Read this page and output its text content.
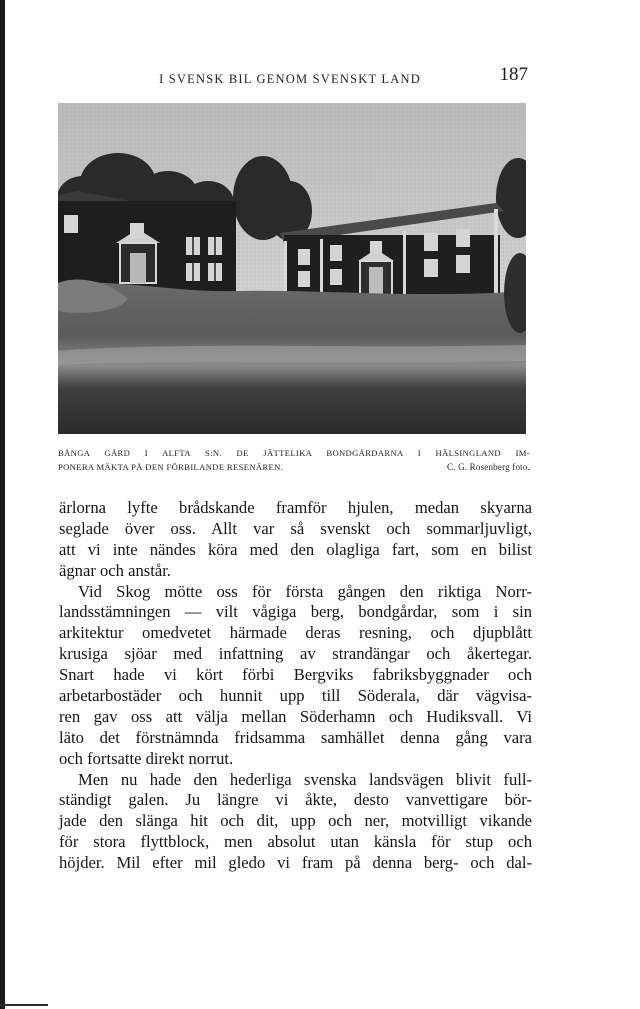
I SVENSK BIL GENOM SVENSKT LAND	187
BÅNGA GÅRD I ALFTA S:N. DE JÄTTELIKA BONDGÅRDARNA I HÄLSINGLAND IM-
PONERA MÄKTA PÅ DEN FÖRBILANDE RESENÄREN.	C. G. Rosenberg foto.
ärlorna lyfte brådskande framför hjulen, medan skyarna
seglade över oss. Allt var så svenskt och sommarljuvligt,
att vi inte nändes köra med den olagliga fart, som en bilist
ägnar och anstår.
Vid Skog mötte oss för första gången den riktiga Norr-
landsstämningen — vilt vågiga berg, bondgårdar, som i sin
arkitektur omedvetet härmade deras resning, och djupblått
krusiga sjöar med infattning av strandängar och åkertegar.
Snart hade vi kört förbi Bergviks fabriksbyggnader och
arbetarbostäder och hunnit upp till Söderala, där vägvisa-
ren gav oss att välja mellan Söderhamn och Hudiksvall. Vi
läto det förstnämnda fridsamma samhället denna gång vara
och fortsatte direkt norrut.
Men nu hade den hederliga svenska landsvägen blivit full-
ständigt galen. Ju längre vi åkte, desto vanvettigare bör-
jade den slänga hit och dit, upp och ner, motvilligt vikande
för stora flyttblock, men absolut utan känsla för stup och
höjder. Mil efter mil gledo vi fram på denna berg- och dal-
